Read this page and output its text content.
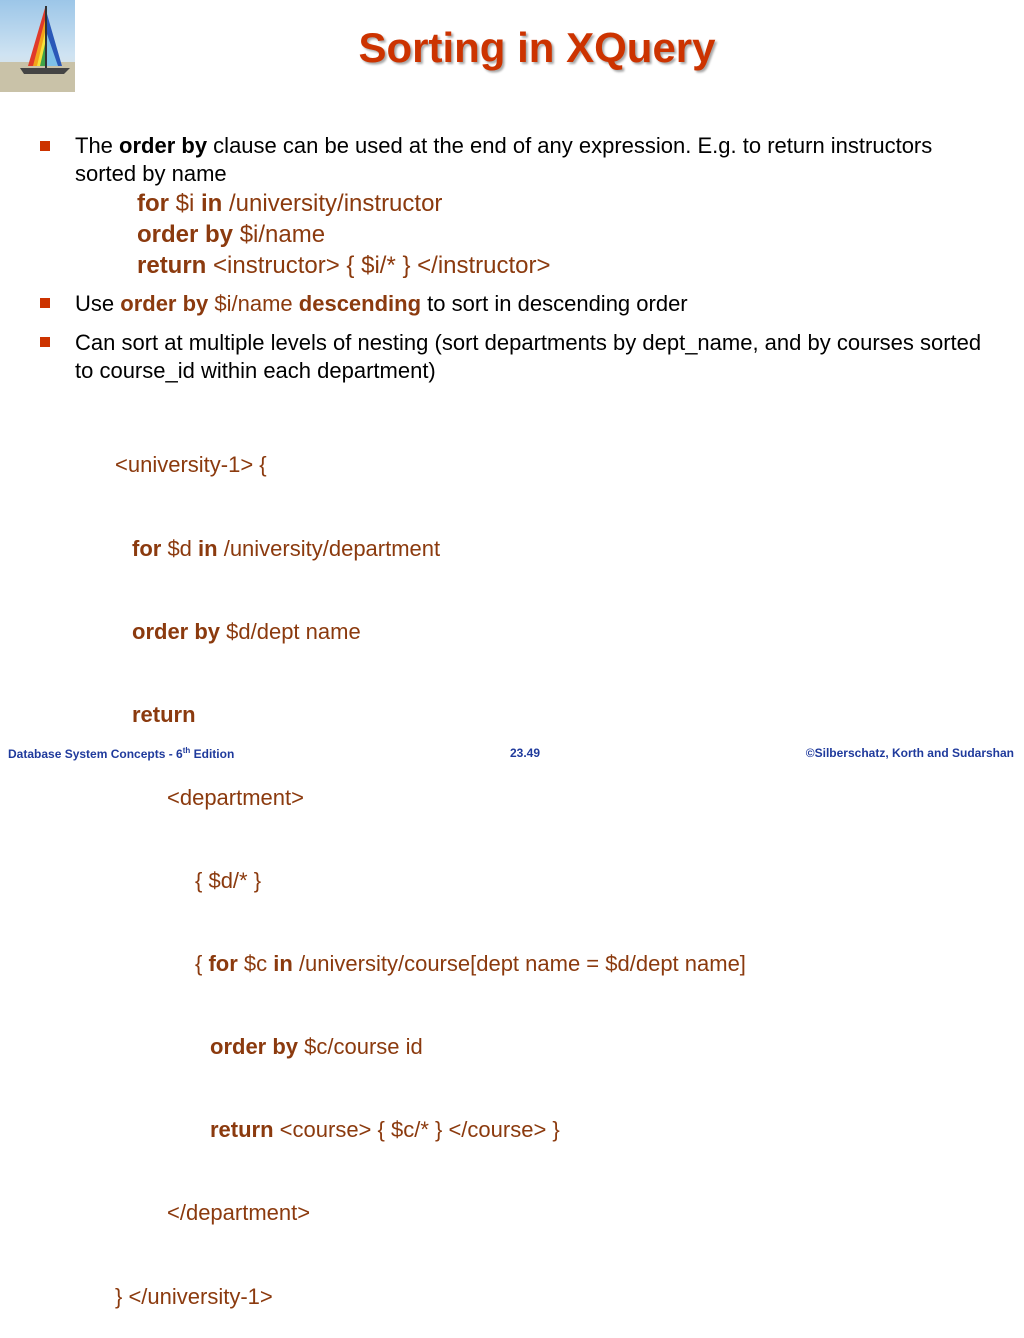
Sorting in XQuery
The order by clause can be used at the end of any expression. E.g. to return instructors sorted by name
for $i in /university/instructor
order by $i/name
return <instructor> { $i/* } </instructor>
Use order by $i/name descending to sort in descending order
Can sort at multiple levels of nesting (sort departments by dept_name, and by courses sorted to course_id within each department)

<university-1> {

for $d in /university/department

order by $d/dept name

return

<department>

{ $d/* }

{ for $c in /university/course[dept name = $d/dept name]

order by $c/course id

return <course> { $c/* } </course> }

</department>

} </university-1>

Database System Concepts - 6th Edition	23.49	©Silberschatz, Korth and Sudarshan
